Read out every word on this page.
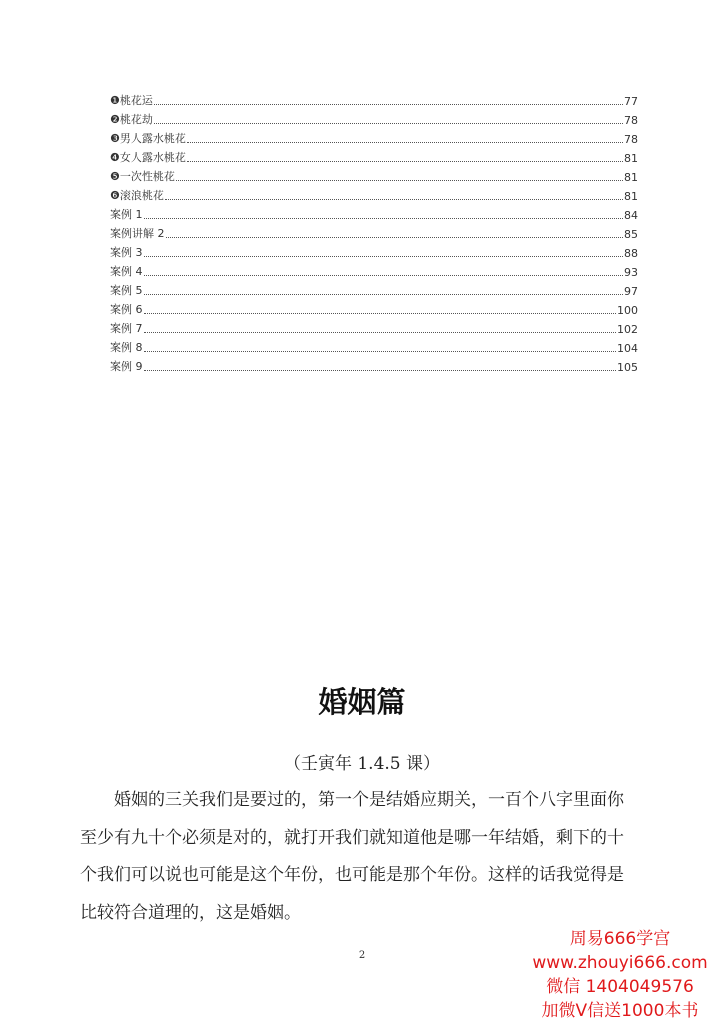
❶桃花运	77
❷桃花劫	78
❸男人露水桃花	78
❹女人露水桃花	81
❺一次性桃花	81
❻滚浪桃花	81
案例 1	84
案例讲解 2	85
案例 3	88
案例 4	93
案例 5	97
案例 6	100
案例 7	102
案例 8	104
案例 9	105
婚姻篇
（壬寅年 1.4.5 课）
婚姻的三关我们是要过的，第一个是结婚应期关，一百个八字里面你
至少有九十个必须是对的，就打开我们就知道他是哪一年结婚，剩下的十
个我们可以说也可能是这个年份，也可能是那个年份。这样的话我觉得是
比较符合道理的，这是婚姻。
2
周易666学宫
www.zhouyi666.com
微信 1404049576
加微V信送1000本书
